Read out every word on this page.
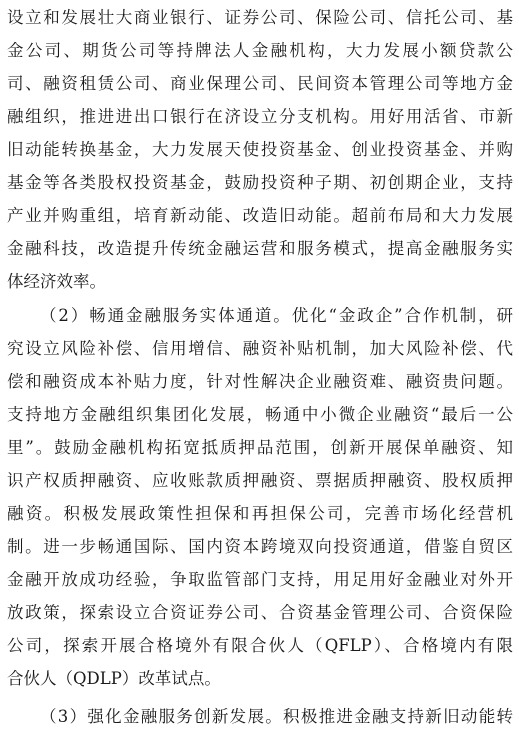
设立和发展壮大商业银行、证券公司、保险公司、信托公司、基
金公司、期货公司等持牌法人金融机构，大力发展小额贷款公
司、融资租赁公司、商业保理公司、民间资本管理公司等地方金
融组织，推进进出口银行在济设立分支机构。用好用活省、市新
旧动能转换基金，大力发展天使投资基金、创业投资基金、并购
基金等各类股权投资基金，鼓励投资种子期、初创期企业，支持
产业并购重组，培育新动能、改造旧动能。超前布局和大力发展
金融科技，改造提升传统金融运营和服务模式，提高金融服务实
体经济效率。
（2）畅通金融服务实体通道。优化“金政企”合作机制，研
究设立风险补偿、信用增信、融资补贴机制，加大风险补偿、代
偿和融资成本补贴力度，针对性解决企业融资难、融资贵问题。
支持地方金融组织集团化发展，畅通中小微企业融资“最后一公
里”。鼓励金融机构拓宽抵质押品范围，创新开展保单融资、知
识产权质押融资、应收账款质押融资、票据质押融资、股权质押
融资。积极发展政策性担保和再担保公司，完善市场化经营机
制。进一步畅通国际、国内资本跨境双向投资通道，借鉴自贸区
金融开放成功经验，争取监管部门支持，用足用好金融业对外开
放政策，探索设立合资证券公司、合资基金管理公司、合资保险
公司，探索开展合格境外有限合伙人（QFLP）、合格境内有限
合伙人（QDLP）改革试点。
（3）强化金融服务创新发展。积极推进金融支持新旧动能转
